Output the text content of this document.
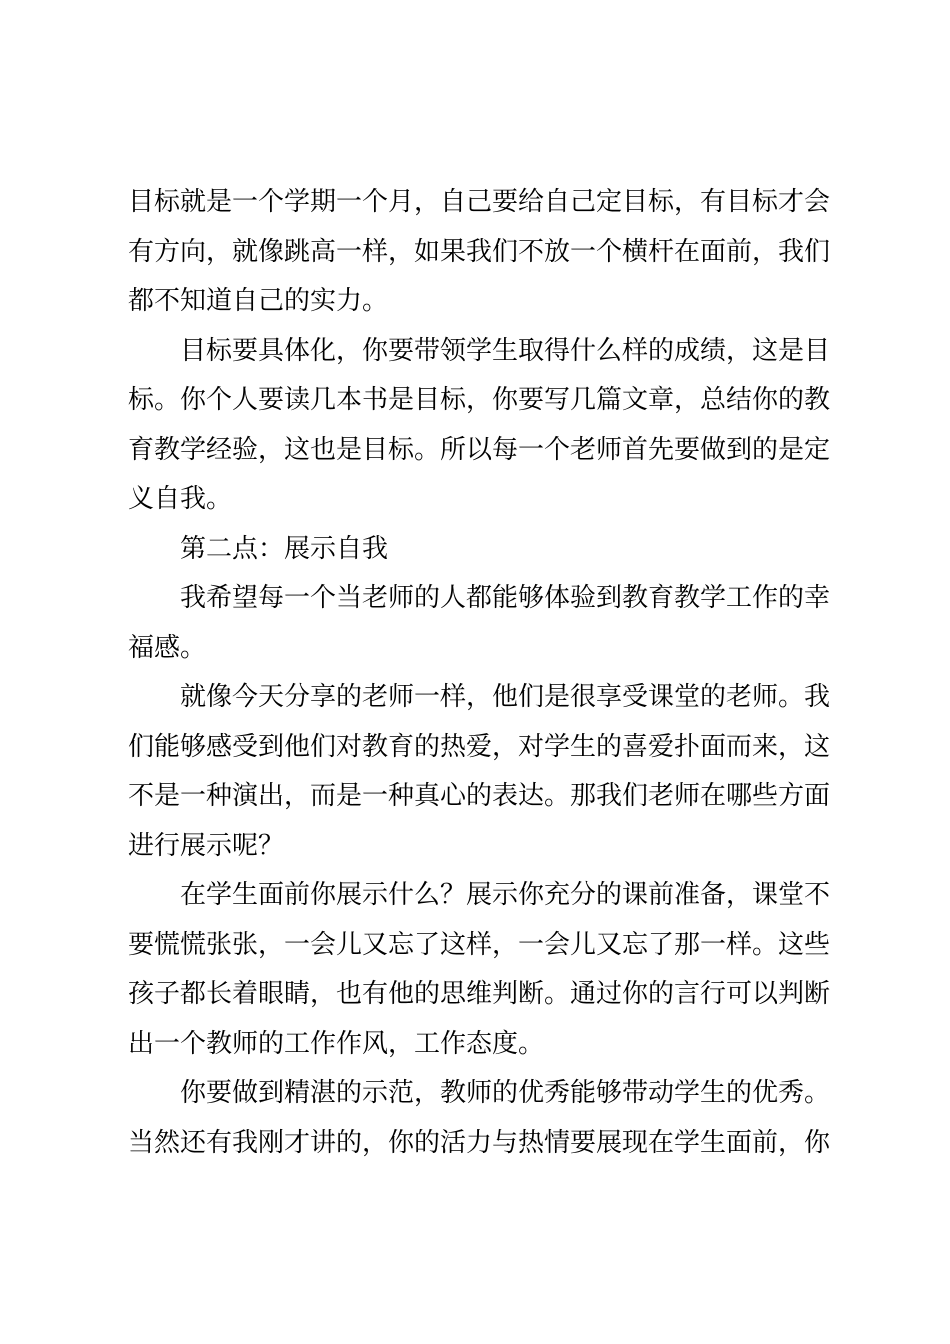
目标就是一个学期一个月，自己要给自己定目标，有目标才会
有方向，就像跳高一样，如果我们不放一个横杆在面前，我们
都不知道自己的实力。
目标要具体化，你要带领学生取得什么样的成绩，这是目
标。你个人要读几本书是目标，你要写几篇文章，总结你的教
育教学经验，这也是目标。所以每一个老师首先要做到的是定
义自我。
第二点：展示自我
我希望每一个当老师的人都能够体验到教育教学工作的幸
福感。
就像今天分享的老师一样，他们是很享受课堂的老师。我
们能够感受到他们对教育的热爱，对学生的喜爱扑面而来，这
不是一种演出，而是一种真心的表达。那我们老师在哪些方面
进行展示呢？
在学生面前你展示什么？展示你充分的课前准备，课堂不
要慌慌张张，一会儿又忘了这样，一会儿又忘了那一样。这些
孩子都长着眼睛，也有他的思维判断。通过你的言行可以判断
出一个教师的工作作风，工作态度。
你要做到精湛的示范，教师的优秀能够带动学生的优秀。
当然还有我刚才讲的，你的活力与热情要展现在学生面前，你
